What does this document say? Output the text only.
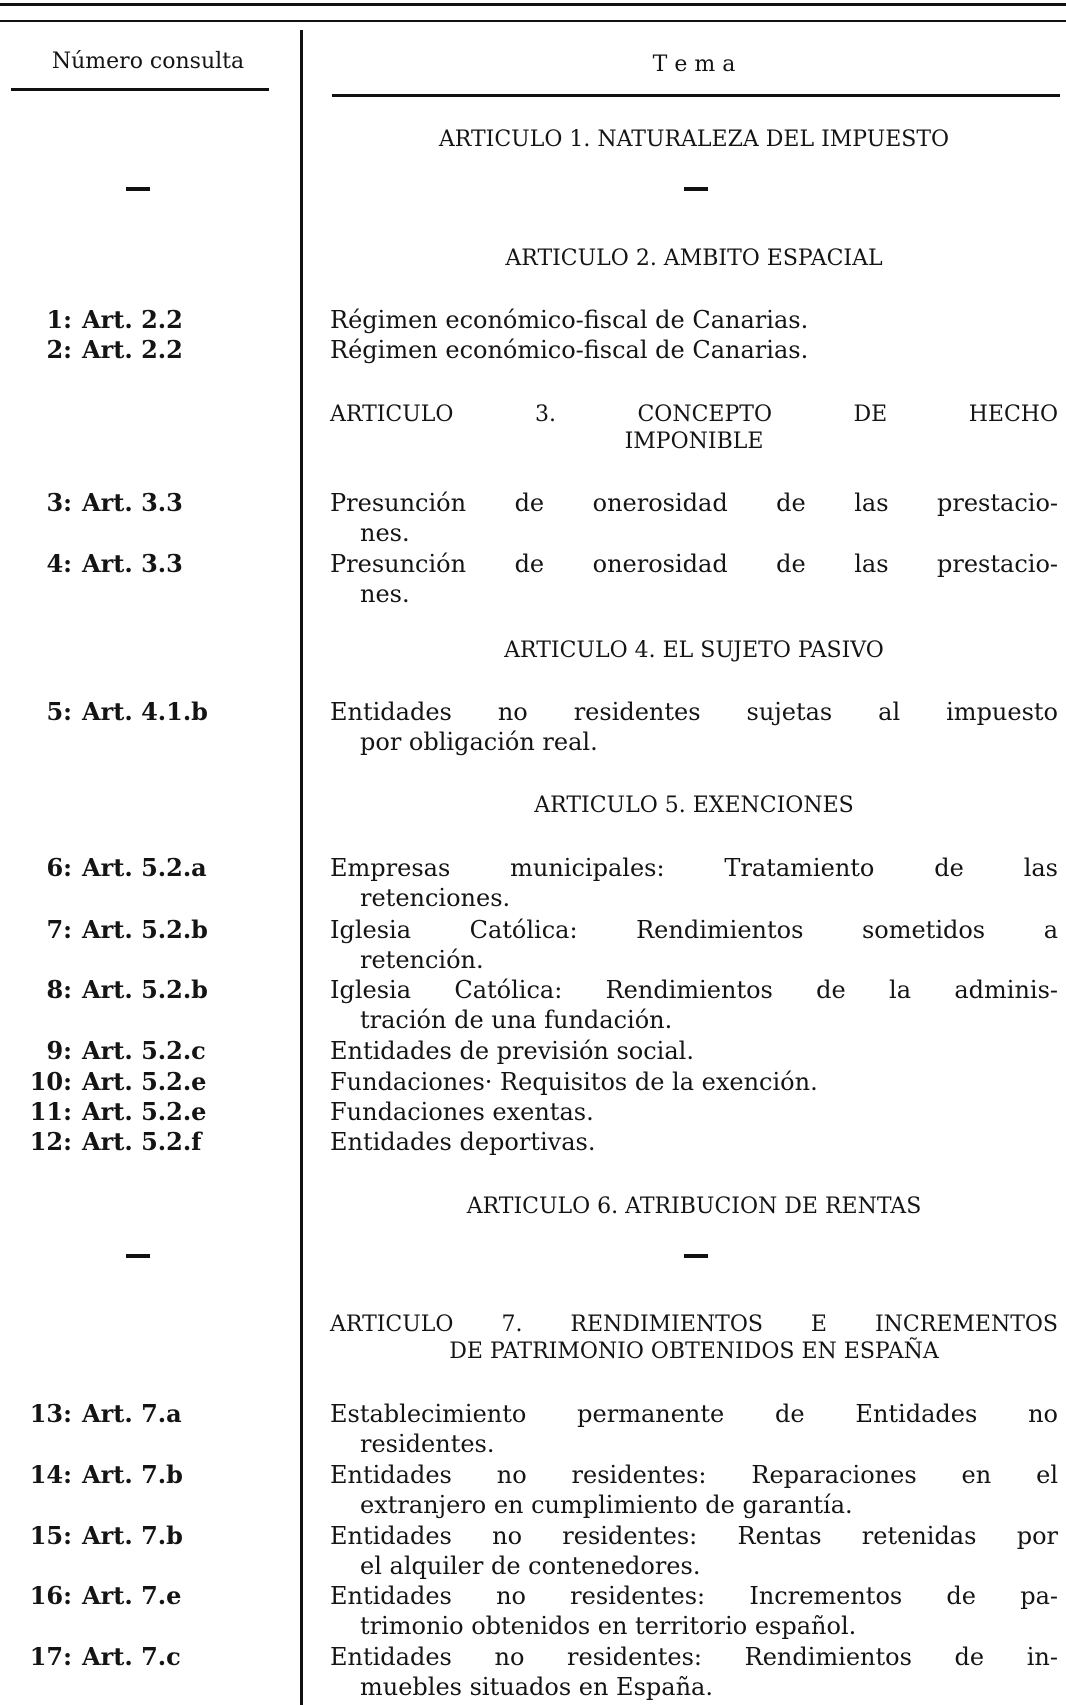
Número consulta	T e m a
ARTICULO 1. NATURALEZA DEL IMPUESTO
ARTICULO 2. AMBITO ESPACIAL
1: Art. 2.2	Régimen económico-fiscal de Canarias.
2: Art. 2.2	Régimen económico-fiscal de Canarias.
ARTICULO 3. CONCEPTO DE HECHO
IMPONIBLE
3: Art. 3.3	Presunción de onerosidad de las prestacio-
nes.
4: Art. 3.3	Presunción de onerosidad de las prestacio-
nes.
ARTICULO 4. EL SUJETO PASIVO
5: Art. 4.1.b	Entidades no residentes sujetas al impuesto
por obligación real.
ARTICULO 5. EXENCIONES
6: Art. 5.2.a	Empresas municipales: Tratamiento de las
retenciones.
7: Art. 5.2.b	Iglesia Católica: Rendimientos sometidos a
retención.
8: Art. 5.2.b	Iglesia Católica: Rendimientos de la adminis-
tración de una fundación.
9: Art. 5.2.c	Entidades de previsión social.
10: Art. 5.2.e	Fundaciones· Requisitos de la exención.
11: Art. 5.2.e	Fundaciones exentas.
12: Art. 5.2.f	Entidades deportivas.
ARTICULO 6. ATRIBUCION DE RENTAS
ARTICULO 7. RENDIMIENTOS E INCREMENTOS
DE PATRIMONIO OBTENIDOS EN ESPAÑA
13: Art. 7.a	Establecimiento permanente de Entidades no
residentes.
14: Art. 7.b	Entidades no residentes: Reparaciones en el
extranjero en cumplimiento de garantía.
15: Art. 7.b	Entidades no residentes: Rentas retenidas por
el alquiler de contenedores.
16: Art. 7.e	Entidades no residentes: Incrementos de pa-
trimonio obtenidos en territorio español.
17: Art. 7.c	Entidades no residentes: Rendimientos de in-
muebles situados en España.
